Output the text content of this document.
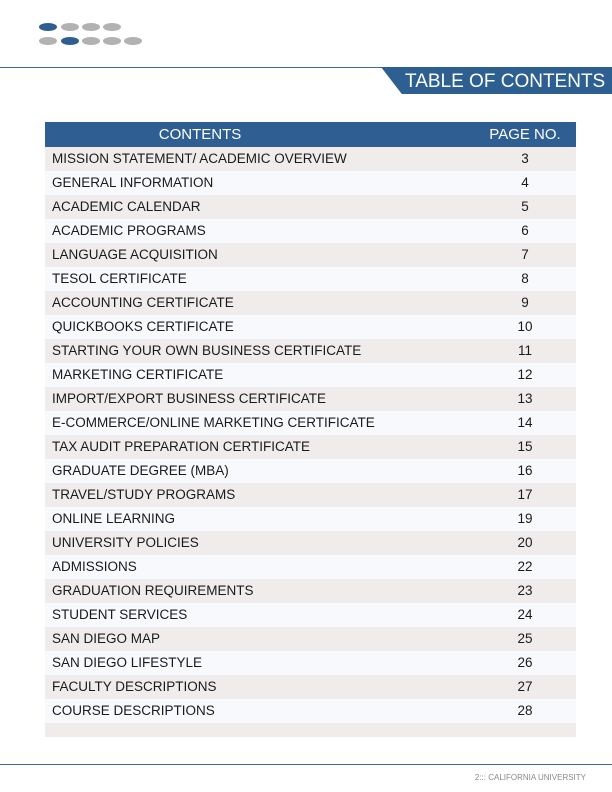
TABLE OF CONTENTS
CONTENTS	PAGE NO.
MISSION STATEMENT/ ACADEMIC OVERVIEW	3
GENERAL INFORMATION	4
ACADEMIC CALENDAR	5
ACADEMIC PROGRAMS	6
LANGUAGE ACQUISITION	7
TESOL CERTIFICATE	8
ACCOUNTING CERTIFICATE	9
QUICKBOOKS CERTIFICATE	10
STARTING YOUR OWN BUSINESS CERTIFICATE	11
MARKETING CERTIFICATE	12
IMPORT/EXPORT BUSINESS CERTIFICATE	13
E-COMMERCE/ONLINE MARKETING CERTIFICATE	14
TAX AUDIT PREPARATION CERTIFICATE	15
GRADUATE DEGREE (MBA)	16
TRAVEL/STUDY PROGRAMS	17
ONLINE LEARNING	19
UNIVERSITY POLICIES	20
ADMISSIONS	22
GRADUATION REQUIREMENTS	23
STUDENT SERVICES	24
SAN DIEGO MAP	25
SAN DIEGO LIFESTYLE	26
FACULTY DESCRIPTIONS	27
COURSE DESCRIPTIONS	28
2::: CALIFORNIA UNIVERSITY
